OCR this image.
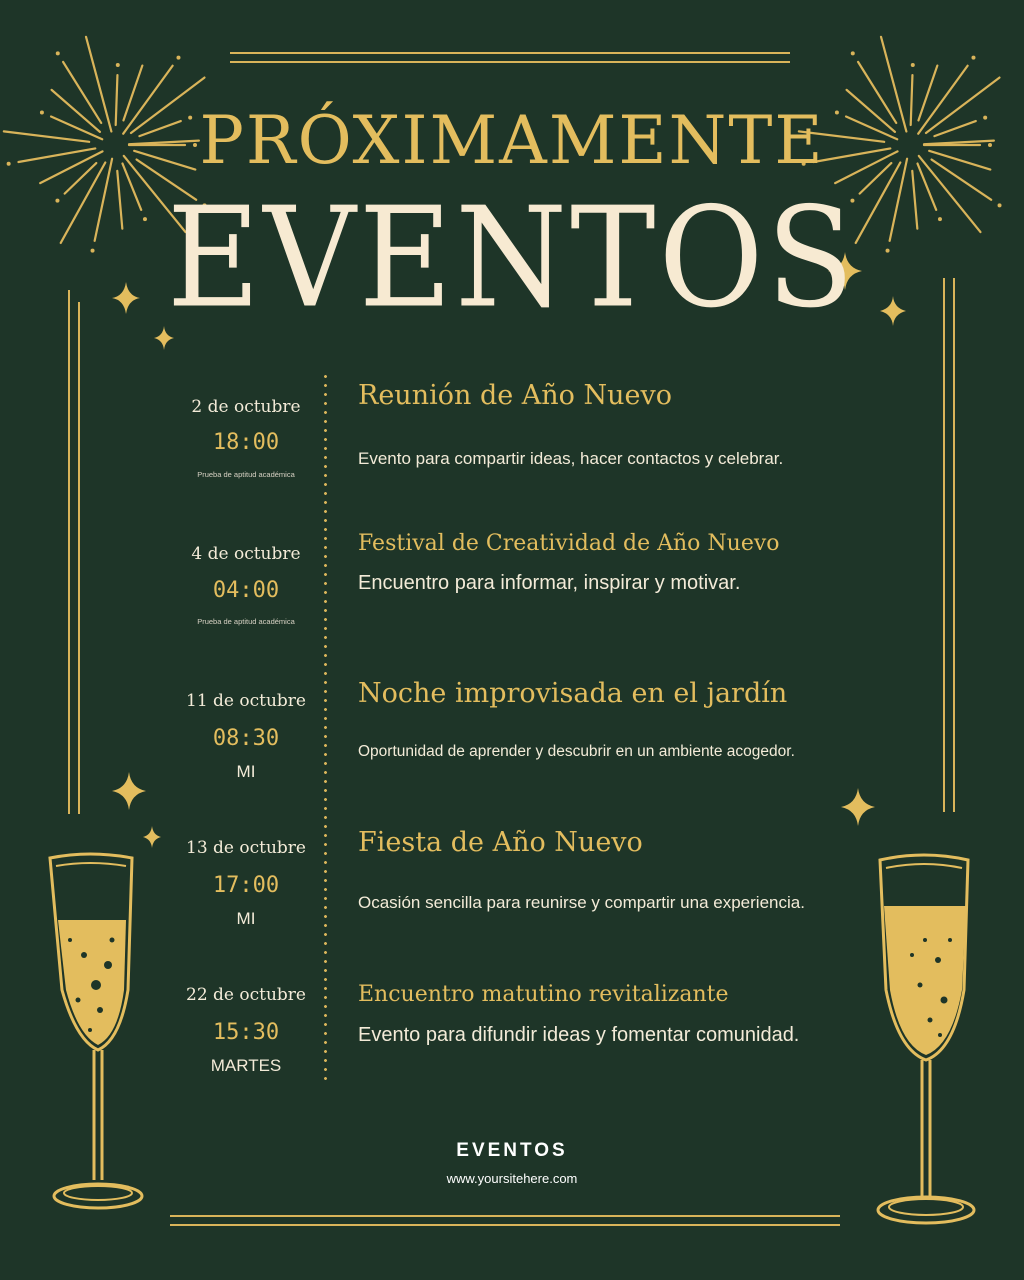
PRÓXIMAMENTE
EVENTOS
2 de octubre
18:00
Prueba de aptitud académica
Reunión de Año Nuevo
Evento para compartir ideas, hacer contactos y celebrar.
4 de octubre
04:00
Prueba de aptitud académica
Festival de Creatividad de Año Nuevo
Encuentro para informar, inspirar y motivar.
11 de octubre
08:30
MI
Noche improvisada en el jardín
Oportunidad de aprender y descubrir en un ambiente acogedor.
13 de octubre
17:00
MI
Fiesta de Año Nuevo
Ocasión sencilla para reunirse y compartir una experiencia.
22 de octubre
15:30
MARTES
Encuentro matutino revitalizante
Evento para difundir ideas y fomentar comunidad.
EVENTOS
www.yoursitehere.com
